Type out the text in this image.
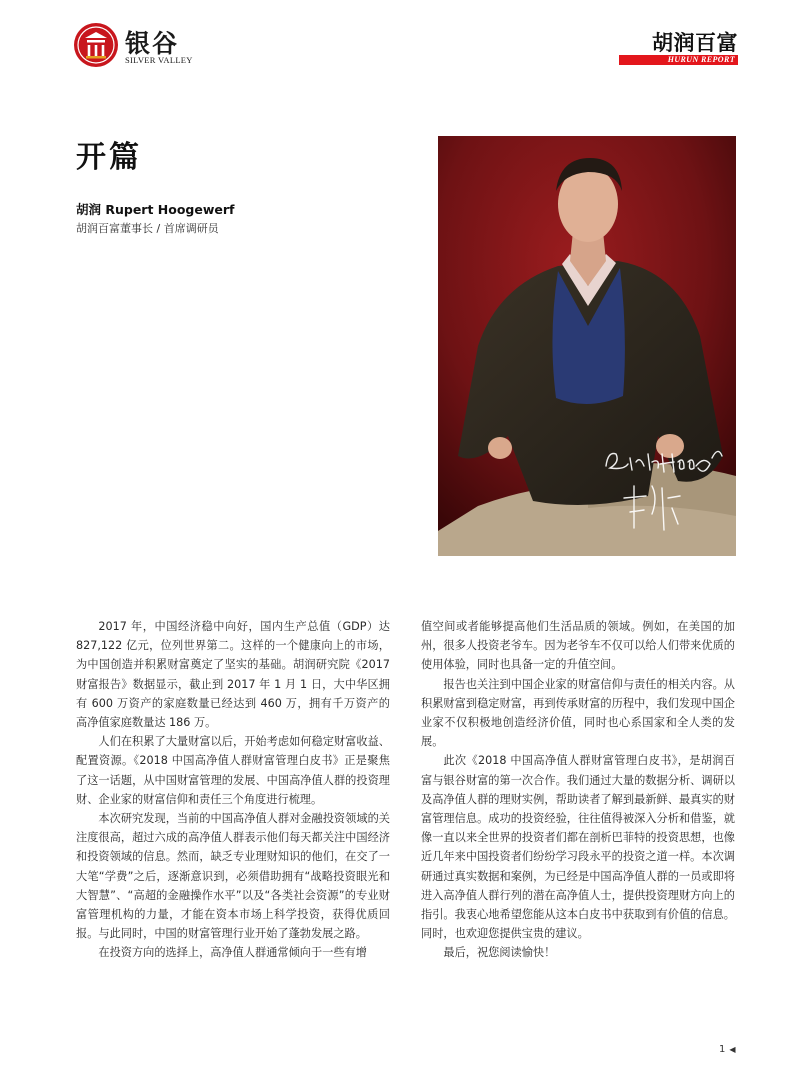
银谷
SILVER VALLEY
胡润百富
HURUN REPORT
开篇
胡润 Rupert Hoogewerf
胡润百富董事长 / 首席调研员
Rupert Hoogewerf
胡润

2017 年，中国经济稳中向好，国内生产总值（GDP）达 827,122 亿元，位列世界第二。这样的一个健康向上的市场，为中国创造并积累财富奠定了坚实的基础。胡润研究院《2017 财富报告》数据显示，截止到 2017 年 1 月 1 日，大中华区拥有 600 万资产的家庭数量已经达到 460 万，拥有千万资产的高净值家庭数量达 186 万。

人们在积累了大量财富以后，开始考虑如何稳定财富收益、配置资源。《2018 中国高净值人群财富管理白皮书》正是聚焦了这一话题，从中国财富管理的发展、中国高净值人群的投资理财、企业家的财富信仰和责任三个角度进行梳理。

本次研究发现，当前的中国高净值人群对金融投资领域的关注度很高，超过六成的高净值人群表示他们每天都关注中国经济和投资领域的信息。然而，缺乏专业理财知识的他们，在交了一大笔“学费”之后，逐渐意识到，必须借助拥有“战略投资眼光和大智慧”、“高超的金融操作水平”以及“各类社会资源”的专业财富管理机构的力量，才能在资本市场上科学投资，获得优质回报。与此同时，中国的财富管理行业开始了蓬勃发展之路。

在投资方向的选择上，高净值人群通常倾向于一些有增

值空间或者能够提高他们生活品质的领域。例如，在美国的加州，很多人投资老爷车。因为老爷车不仅可以给人们带来优质的使用体验，同时也具备一定的升值空间。

报告也关注到中国企业家的财富信仰与责任的相关内容。从积累财富到稳定财富，再到传承财富的历程中，我们发现中国企业家不仅积极地创造经济价值，同时也心系国家和全人类的发展。

此次《2018 中国高净值人群财富管理白皮书》，是胡润百富与银谷财富的第一次合作。我们通过大量的数据分析、调研以及高净值人群的理财实例，帮助读者了解到最新鲜、最真实的财富管理信息。成功的投资经验，往往值得被深入分析和借鉴，就像一直以来全世界的投资者们都在剖析巴菲特的投资思想，也像近几年来中国投资者们纷纷学习段永平的投资之道一样。本次调研通过真实数据和案例，为已经是中国高净值人群的一员或即将进入高净值人群行列的潜在高净值人士，提供投资理财方向上的指引。我衷心地希望您能从这本白皮书中获取到有价值的信息。同时，也欢迎您提供宝贵的建议。

最后，祝您阅读愉快！

1 ◀
